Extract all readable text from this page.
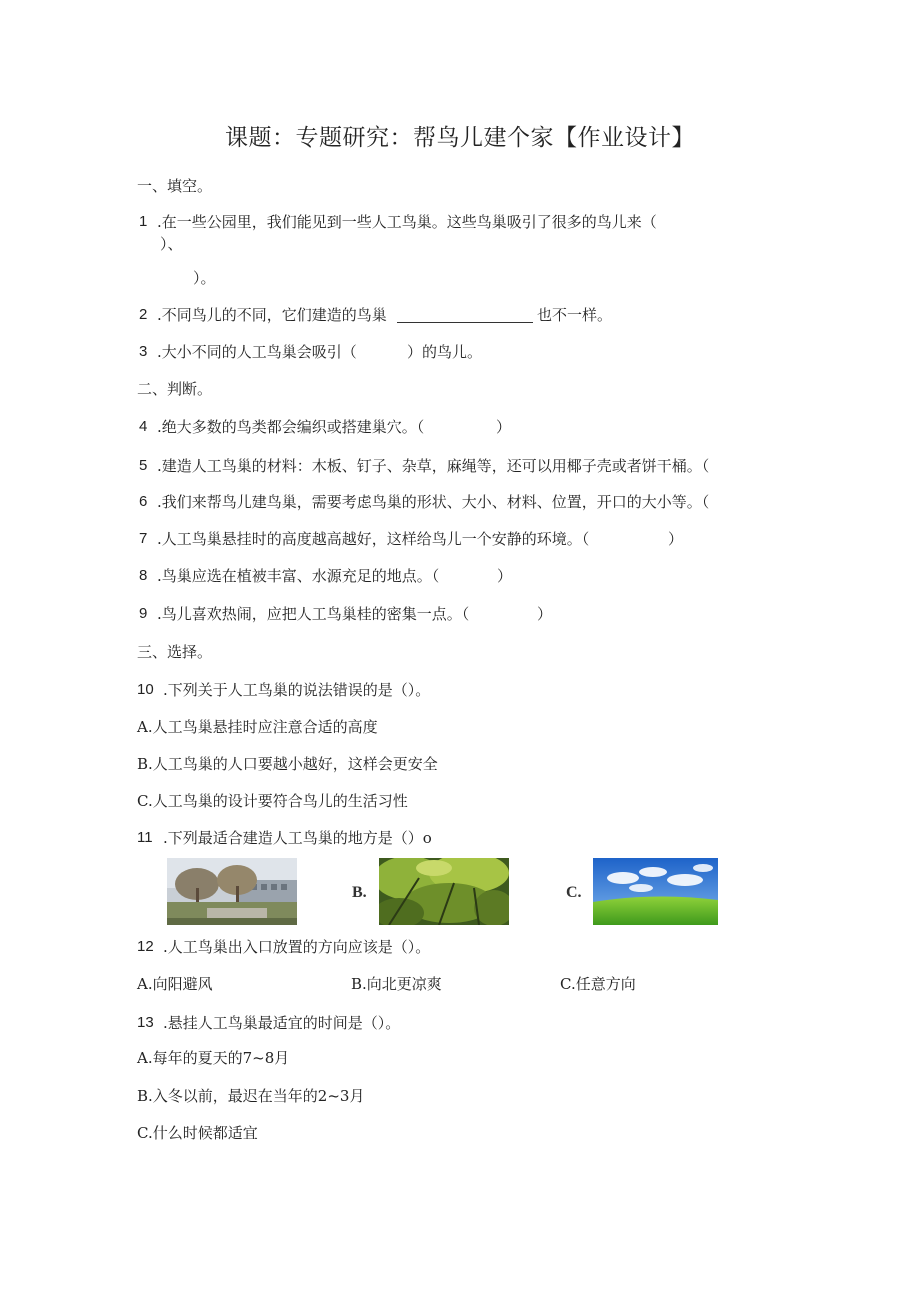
课题：专题研究：帮鸟儿建个家【作业设计】
一、填空。
1 .在一些公园里，我们能见到一些人工鸟巢。这些鸟巢吸引了很多的鸟儿来（
）、
）。
2 .不同鸟儿的不同，它们建造的鸟巢	也不一样。
3 .大小不同的人工鸟巢会吸引（	）的鸟儿。
二、判断。
4 .绝大多数的鸟类都会编织或搭建巢穴。（	）
5 .建造人工鸟巢的材料：木板、钉子、杂草，麻绳等，还可以用椰子壳或者饼干桶。（
6 .我们来帮鸟儿建鸟巢，需要考虑鸟巢的形状、大小、材料、位置，开口的大小等。（
7 .人工鸟巢悬挂时的高度越高越好，这样给鸟儿一个安静的环境。（	）
8 .鸟巢应选在植被丰富、水源充足的地点。（	）
9 .鸟儿喜欢热闹，应把人工鸟巢桂的密集一点。（	）
三、选择。
10 .下列关于人工鸟巢的说法错误的是（）。
A.人工鸟巢悬挂时应注意合适的高度
B.人工鸟巢的人口要越小越好，这样会更安全
C.人工鸟巢的设计要符合鸟儿的生活习性
11 .下列最适合建造人工鸟巢的地方是（）o
B.	C.
12 .人工鸟巢出入口放置的方向应该是（）。
A.向阳避风	B.向北更凉爽	C.任意方向
13 .悬挂人工鸟巢最适宜的时间是（）。
A.每年的夏天的7~8月
B.入冬以前，最迟在当年的2~3月
C.什么时候都适宜
